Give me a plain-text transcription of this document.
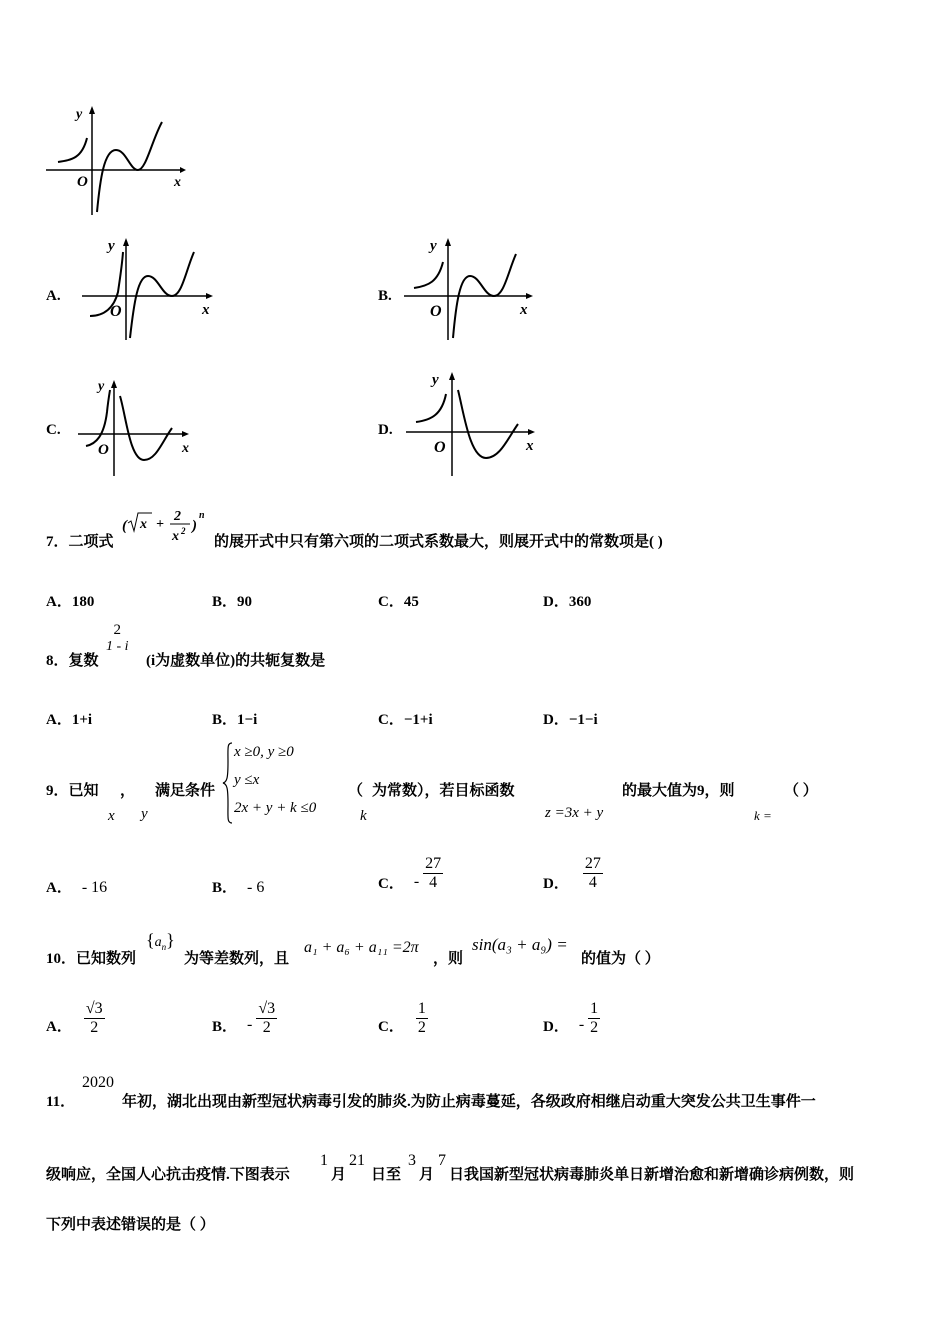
y
O	x
A.
y
O	x
B.
y
O	x
C.
y
O	x
D.
y
O	x
7．二项式
( x +
2
x 2 )
n
的展开式中只有第六项的二项式系数最大，则展开式中的常数项是( )
A．180	B．90	C．45	D．360
8．复数
2
1 - i
(i为虚数单位)的共轭复数是
A．1+i	B．1−i	C．−1+i	D．−1−i
9．已知 ， 满足条件
x y
x ≥0, y ≥0
y ≤x
2x + y + k ≤0
（
k
为常数），若目标函数
z =3x + y
的最大值为9，则
k =
（ ）
A． - 16	B． - 6	C． - $\frac{27}{4}$	D． $\frac{27}{4}$
10．已知数列
$\{a_n\}$
为等差数列，且
a₁ + a₆ + a₁₁ =2π
，则
sin(a₃ + a₉) =
的值为（ ）
A． $\frac{√3}{2}$	B． - $\frac{√3}{2}$	C． $\frac{1}{2}$	D． - $\frac{1}{2}$
11．
2020
年初，湖北出现由新型冠状病毒引发的肺炎.为防止病毒蔓延，各级政府相继启动重大突发公共卫生事件一
级响应，全国人心抗击疫情.下图表示
1
月
21
日至
3
月
7
日我国新型冠状病毒肺炎单日新增治愈和新增确诊病例数，则
下列中表述错误的是（ ）
